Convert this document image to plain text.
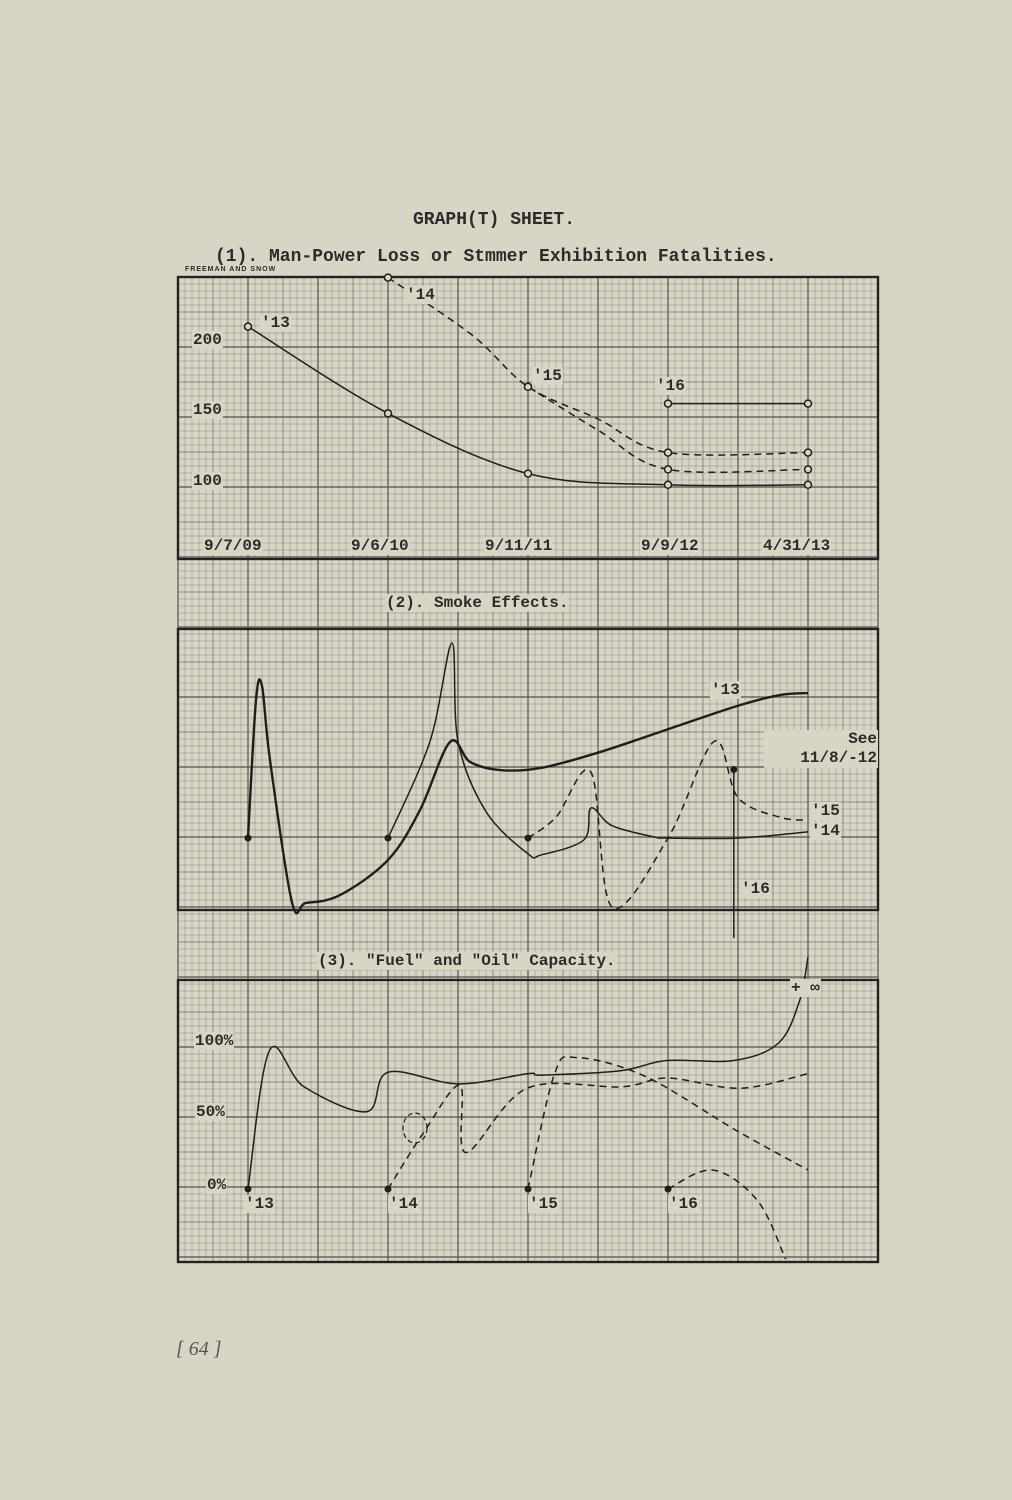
GRAPH(T) SHEET.
(1). Man-Power Loss or Stmmer Exhibition Fatalities.
FREEMAN AND SNOW
200
150
100
9/7/09	9/6/10	9/11/11	9/9/12	4/31/13
'13
'14
'15
'16
(2). Smoke Effects.
'13
See 11/8/-12
'15
'14
'16
(3). "Fuel" and "Oil" Capacity.
+ ∞
100%
50%
0%
'13	'14	'15	'16
[ 64 ]
